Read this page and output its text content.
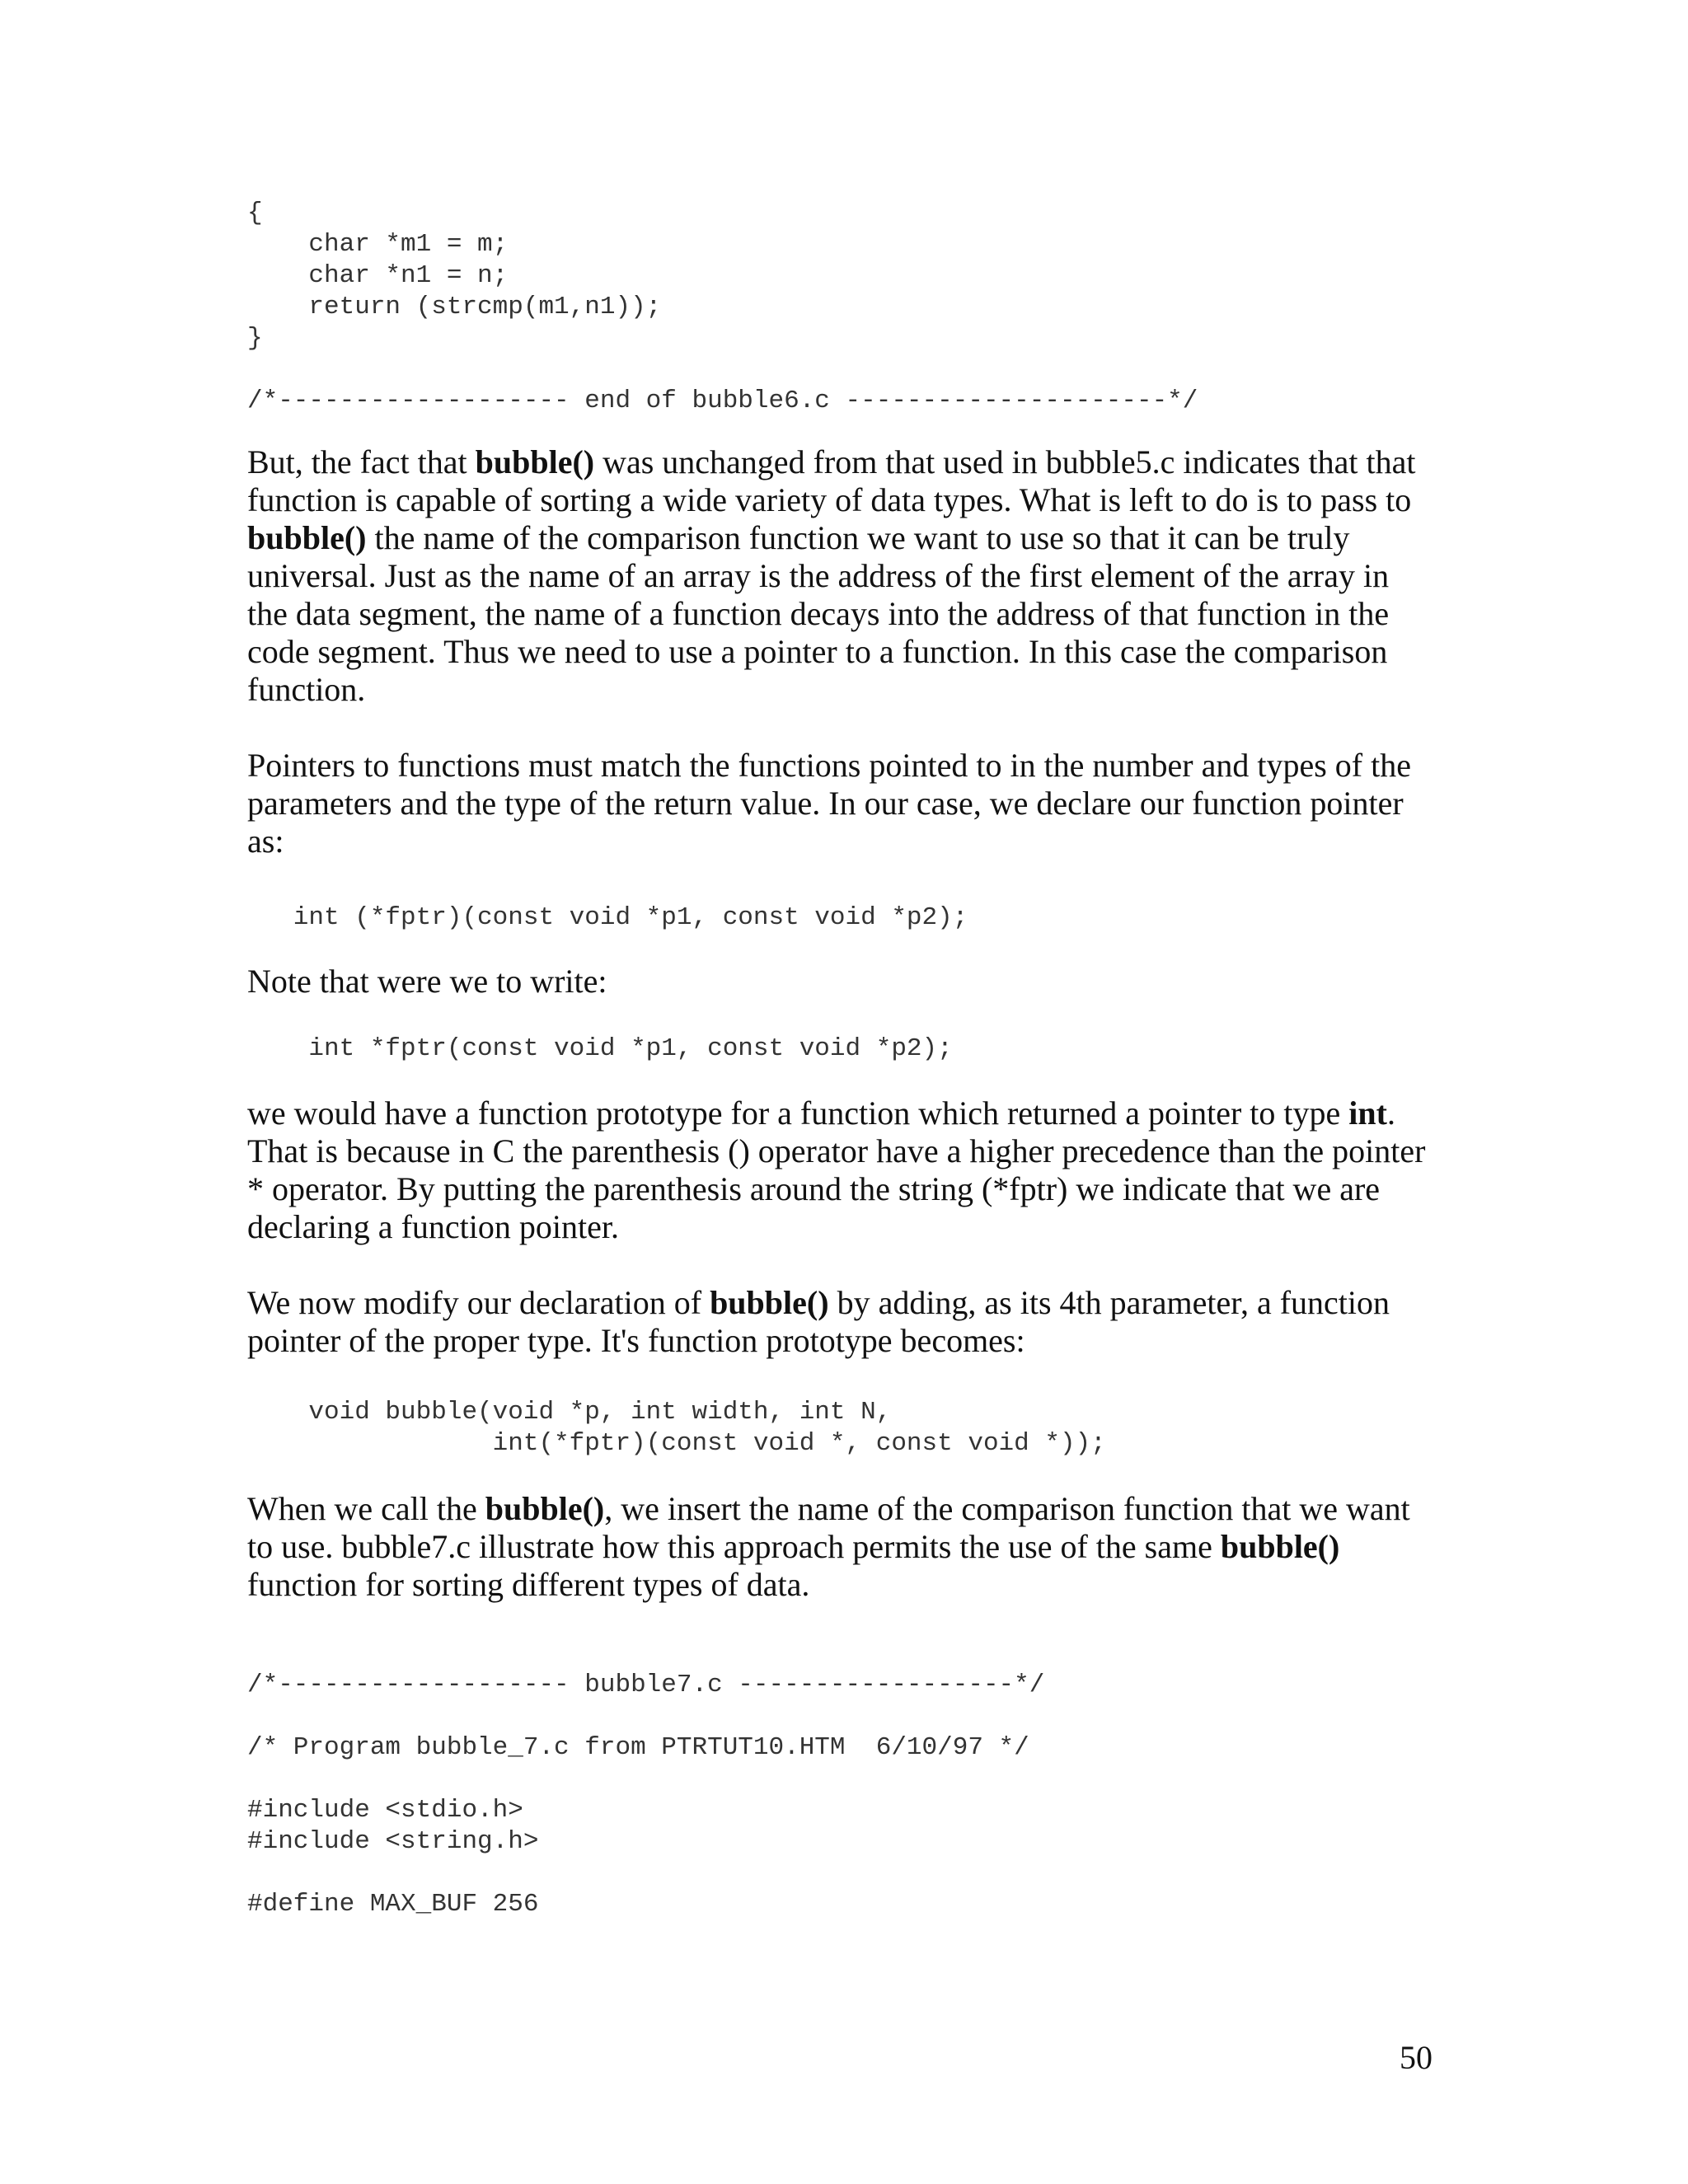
{
char *m1 = m;
char *n1 = n;
return (strcmp(m1,n1));
}
/*------------------- end of bubble6.c ---------------------*/

But, the fact that bubble() was unchanged from that used in bubble5.c indicates that that function is capable of sorting a wide variety of data types. What is left to do is to pass to bubble() the name of the comparison function we want to use so that it can be truly universal. Just as the name of an array is the address of the first element of the array in the data segment, the name of a function decays into the address of that function in the code segment. Thus we need to use a pointer to a function. In this case the comparison function.

Pointers to functions must match the functions pointed to in the number and types of the parameters and the type of the return value. In our case, we declare our function pointer as:

int (*fptr)(const void *p1, const void *p2);

Note that were we to write:

int *fptr(const void *p1, const void *p2);

we would have a function prototype for a function which returned a pointer to type int. That is because in C the parenthesis () operator have a higher precedence than the pointer * operator. By putting the parenthesis around the string (*fptr) we indicate that we are declaring a function pointer.

We now modify our declaration of bubble() by adding, as its 4th parameter, a function pointer of the proper type. It's function prototype becomes:

void bubble(void *p, int width, int N,
int(*fptr)(const void *, const void *));

When we call the bubble(), we insert the name of the comparison function that we want to use. bubble7.c illustrate how this approach permits the use of the same bubble() function for sorting different types of data.

/*------------------- bubble7.c ------------------*/

/* Program bubble_7.c from PTRTUT10.HTM  6/10/97 */

#include <stdio.h>
#include <string.h>

#define MAX_BUF 256
50
